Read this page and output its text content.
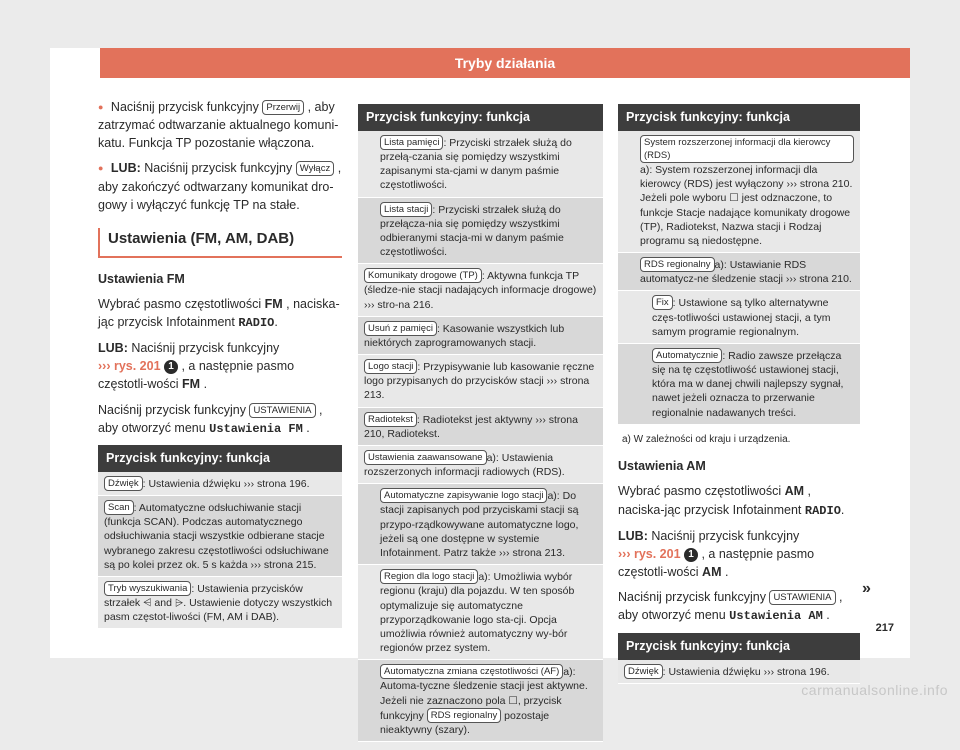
Tryby działania

● Naciśnij przycisk funkcyjny Przerwij , aby zatrzymać odtwarzanie aktualnego komuni-katu. Funkcja TP pozostanie włączona.

● LUB: Naciśnij przycisk funkcyjny Wyłącz , aby zakończyć odtwarzany komunikat dro-gowy i wyłączyć funkcję TP na stałe.

Ustawienia (FM, AM, DAB)

Ustawienia FM

Wybrać pasmo częstotliwości FM , naciska-jąc przycisk Infotainment RADIO.

LUB: Naciśnij przycisk funkcyjny
››› rys. 201 1 , a następnie pasmo częstotli-wości FM .

Naciśnij przycisk funkcyjny USTAWIENIA , aby otworzyć menu Ustawienia FM .

Przycisk funkcyjny: funkcja
Dźwięk : Ustawienia dźwięku ››› strona 196.
Scan : Automatyczne odsłuchiwanie stacji (funkcja SCAN). Podczas automatycznego odsłuchiwania stacji wszystkie odbierane stacje wybranego zakresu częstotliwości odsłuchiwane są po kolei przez ok. 5 s każda ››› strona 215.
Tryb wyszukiwania : Ustawienia przycisków strzałek ⩤ and ⩥. Ustawienie dotyczy wszystkich pasm częstot-liwości (FM, AM i DAB).
Przycisk funkcyjny: funkcja
Lista pamięci : Przyciski strzałek służą do przełą-czania się pomiędzy wszystkimi zapisanymi sta-cjami w danym paśmie częstotliwości.
Lista stacji : Przyciski strzałek służą do przełącza-nia się pomiędzy wszystkimi odbieranymi stacja-mi w danym paśmie częstotliwości.
Komunikaty drogowe (TP) : Aktywna funkcja TP (śledze-nie stacji nadających informacje drogowe) ››› stro-na 216.
Usuń z pamięci : Kasowanie wszystkich lub niektórych zaprogramowanych stacji.
Logo stacji : Przypisywanie lub kasowanie ręczne logo przypisanych do przycisków stacji ››› strona 213.
Radiotekst : Radiotekst jest aktywny ››› strona 210, Radiotekst.
Ustawienia zaawansowane a): Ustawienia rozszerzonych informacji radiowych (RDS).
Automatyczne zapisywanie logo stacji a): Do stacji zapisanych pod przyciskami stacji są przypo-rządkowywane automatyczne logo, jeżeli są one dostępne w systemie Infotainment. Patrz także ››› strona 213.
Region dla logo stacji a): Umożliwia wybór regionu (kraju) dla pojazdu. W ten sposób optymalizuje się automatyczne przyporządkowanie logo sta-cji. Opcja umożliwia również automatyczny wy-bór regionów przez system.
Automatyczna zmiana częstotliwości (AF) a): Automa-tyczne śledzenie stacji jest aktywne. Jeżeli nie zaznaczono pola ☐, przycisk funkcyjny RDS regionalny pozostaje nieaktywny (szary).
Przycisk funkcyjny: funkcja
System rozszerzonej informacji dla kierowcy (RDS)a): System rozszerzonej informacji dla kierowcy (RDS) jest wyłączony ››› strona 210. Jeżeli pole wyboru ☐ jest odznaczone, to funkcje Stacje nadające komunikaty drogowe (TP), Radiotekst, Nazwa stacji i Rodzaj programu są niedostępne.
RDS regionalny a): Ustawianie RDS automatycz-ne śledzenie stacji ››› strona 210.
Fix : Ustawione są tylko alternatywne częs-totliwości ustawionej stacji, a tym samym programie regionalnym.
Automatycznie : Radio zawsze przełącza się na tę częstotliwość ustawionej stacji, która ma w danej chwili najlepszy sygnał, nawet jeżeli oznacza to przerwanie regionalnie nadawanych treści.
a) W zależności od kraju i urządzenia.

Ustawienia AM

Wybrać pasmo częstotliwości AM , naciska-jąc przycisk Infotainment RADIO.

LUB: Naciśnij przycisk funkcyjny
››› rys. 201 1 , a następnie pasmo częstotli-wości AM .

Naciśnij przycisk funkcyjny USTAWIENIA , aby otworzyć menu Ustawienia AM .

Przycisk funkcyjny: funkcja
Dźwięk : Ustawienia dźwięku ››› strona 196.
»
217
carmanualsonline.info
